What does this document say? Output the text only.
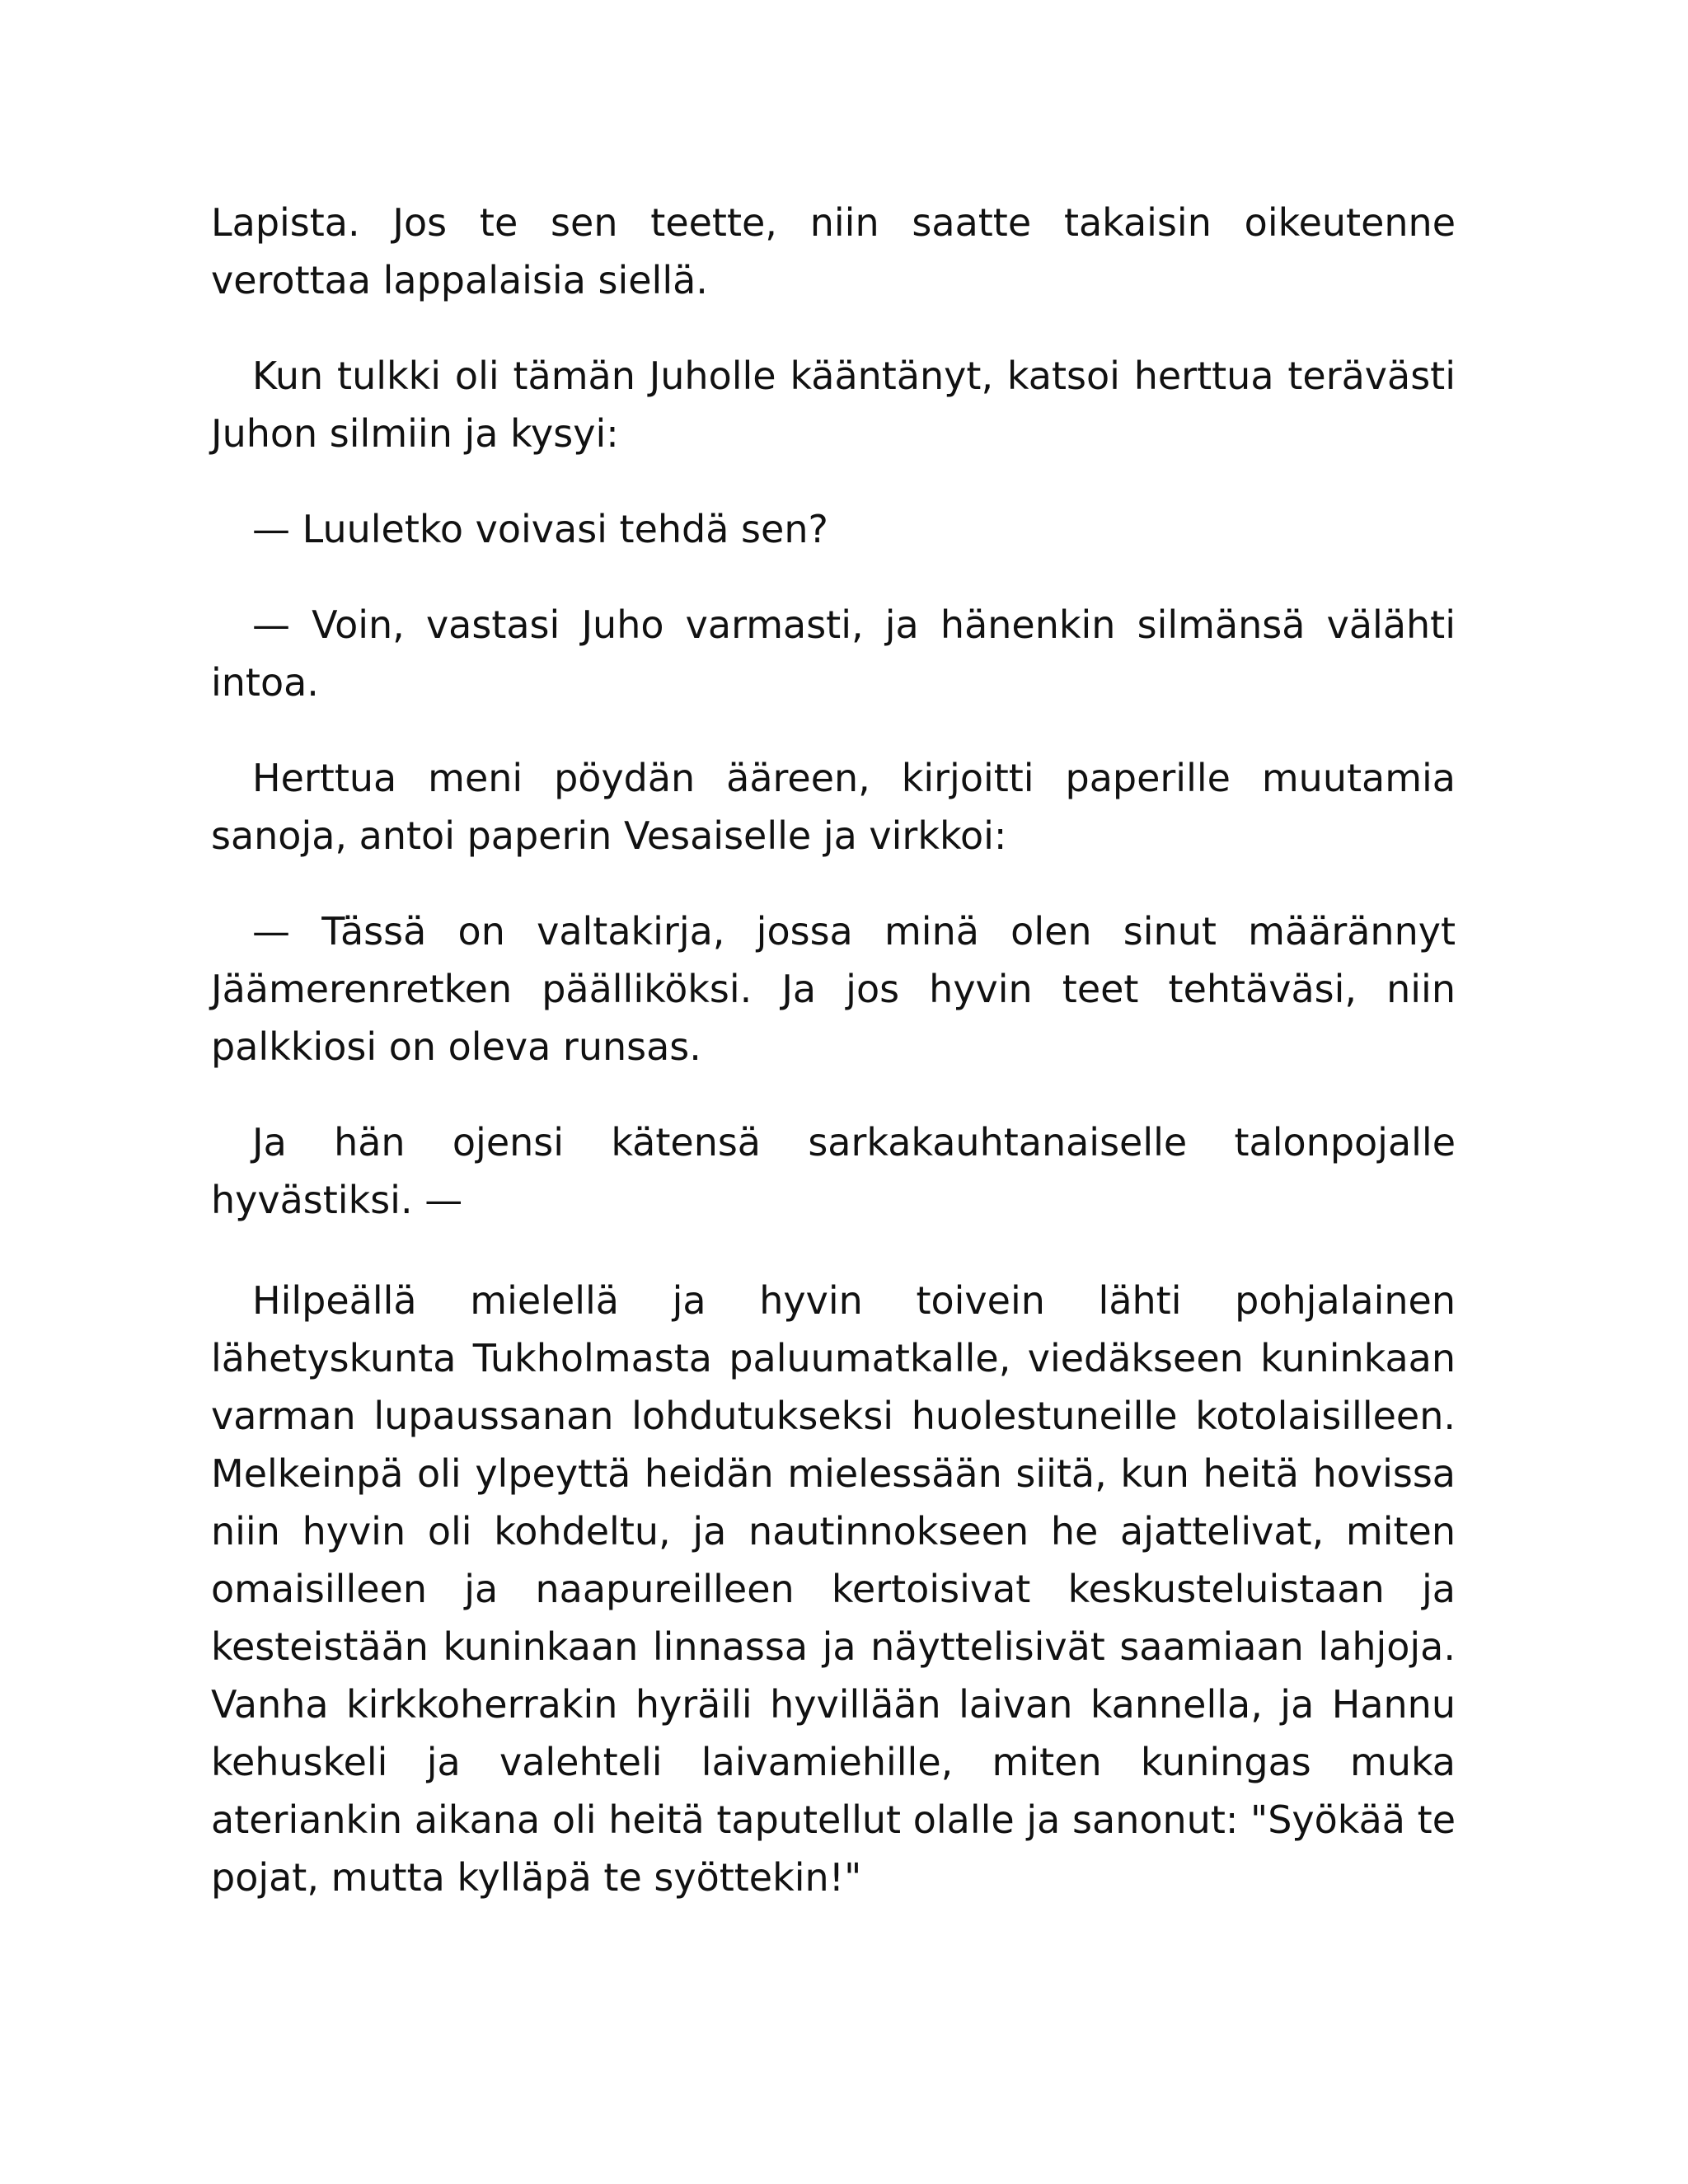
Lapista. Jos te sen teette, niin saatte takaisin oikeutenne verottaa lappalaisia siellä.

Kun tulkki oli tämän Juholle kääntänyt, katsoi herttua terävästi Juhon silmiin ja kysyi:

— Luuletko voivasi tehdä sen?

— Voin, vastasi Juho varmasti, ja hänenkin silmänsä välähti intoa.

Herttua meni pöydän ääreen, kirjoitti paperille muutamia sanoja, antoi paperin Vesaiselle ja virkkoi:

— Tässä on valtakirja, jossa minä olen sinut määrännyt Jäämerenretken päälliköksi. Ja jos hyvin teet tehtäväsi, niin palkkiosi on oleva runsas.

Ja hän ojensi kätensä sarkakauhtanaiselle talonpojalle hyvästiksi. —

Hilpeällä mielellä ja hyvin toivein lähti pohjalainen lähetyskunta Tukholmasta paluumatkalle, viedäkseen kuninkaan varman lupaussanan lohdutukseksi huolestuneille kotolaisilleen. Melkeinpä oli ylpeyttä heidän mielessään siitä, kun heitä hovissa niin hyvin oli kohdeltu, ja nautinnokseen he ajattelivat, miten omaisilleen ja naapureilleen kertoisivat keskusteluistaan ja kesteistään kuninkaan linnassa ja näyttelisivät saamiaan lahjoja. Vanha kirkkoherrakin hyräili hyvillään laivan kannella, ja Hannu kehuskeli ja valehteli laivamiehille, miten kuningas muka ateriankin aikana oli heitä taputellut olalle ja sanonut: "Syökää te pojat, mutta kylläpä te syöttekin!"
